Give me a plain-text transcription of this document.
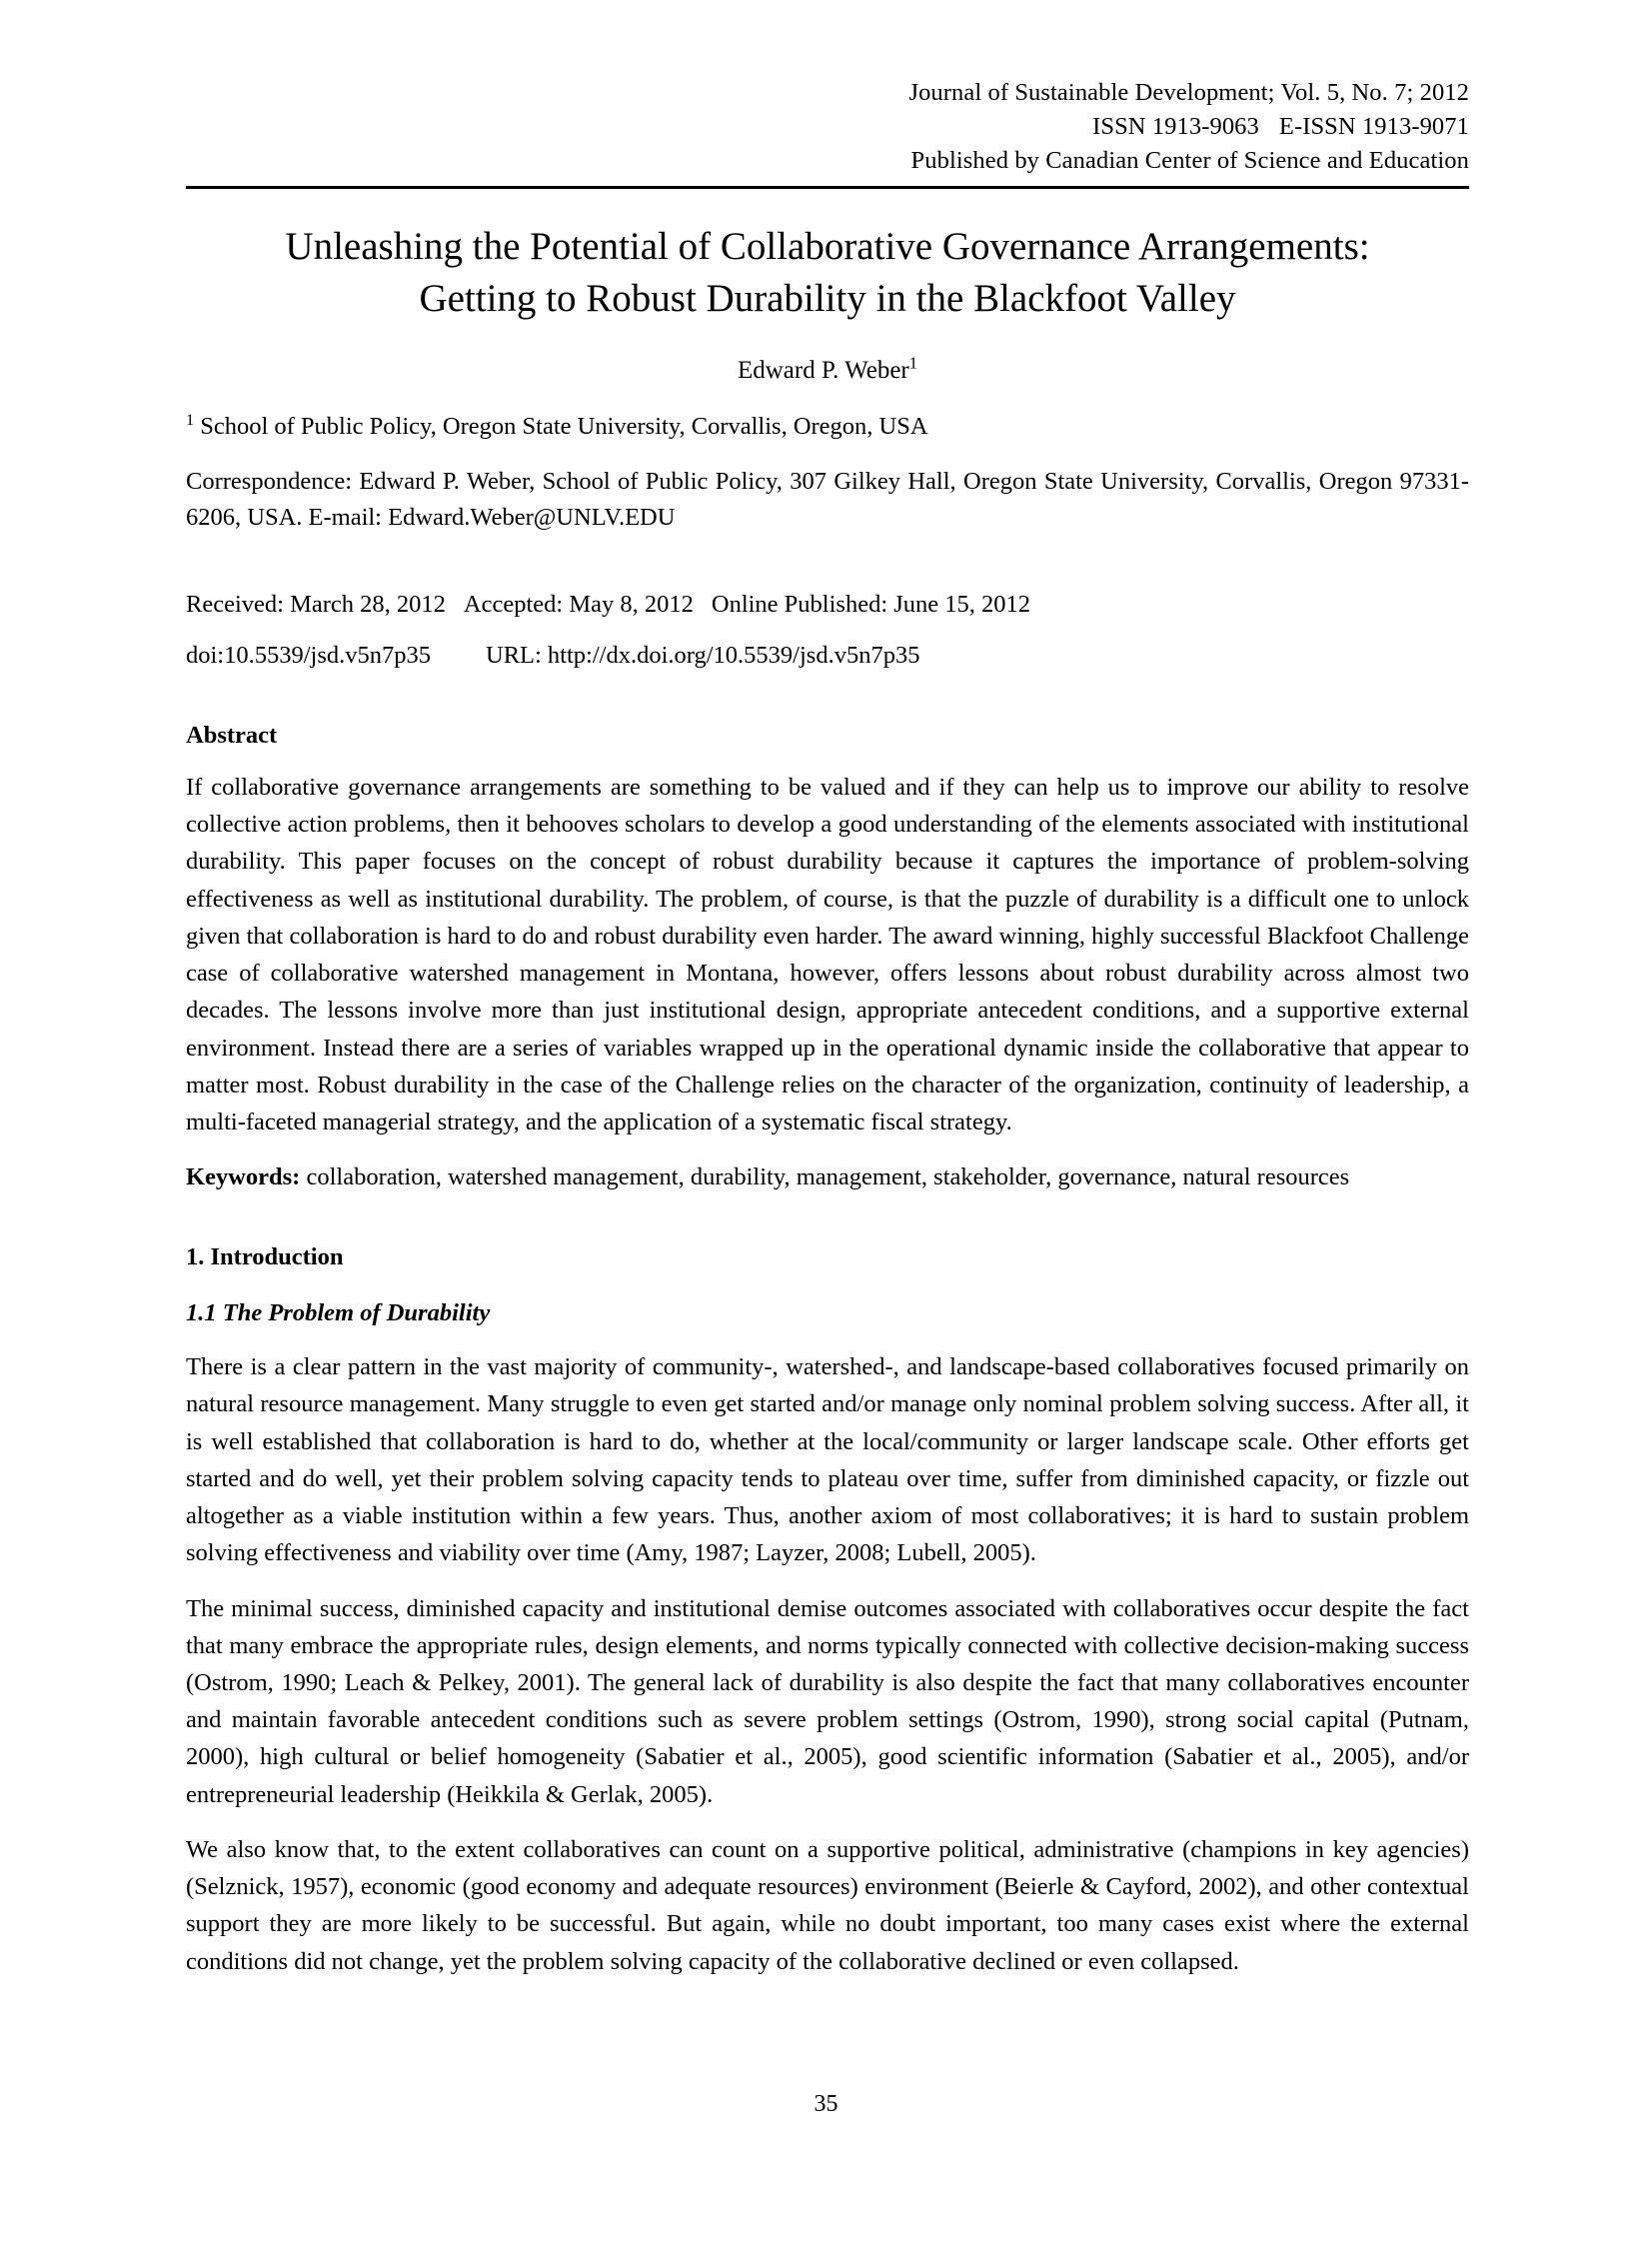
Journal of Sustainable Development; Vol. 5, No. 7; 2012
ISSN 1913-9063 E-ISSN 1913-9071
Published by Canadian Center of Science and Education
Unleashing the Potential of Collaborative Governance Arrangements:
Getting to Robust Durability in the Blackfoot Valley
Edward P. Weber$^1$
$^1$ School of Public Policy, Oregon State University, Corvallis, Oregon, USA
Correspondence: Edward P. Weber, School of Public Policy, 307 Gilkey Hall, Oregon State University, Corvallis, Oregon 97331-6206, USA. E-mail: Edward.Weber@UNLV.EDU
Received: March 28, 2012 Accepted: May 8, 2012 Online Published: June 15, 2012
doi:10.5539/jsd.v5n7p35 URL: http://dx.doi.org/10.5539/jsd.v5n7p35
Abstract

If collaborative governance arrangements are something to be valued and if they can help us to improve our ability to resolve collective action problems, then it behooves scholars to develop a good understanding of the elements associated with institutional durability. This paper focuses on the concept of robust durability because it captures the importance of problem-solving effectiveness as well as institutional durability. The problem, of course, is that the puzzle of durability is a difficult one to unlock given that collaboration is hard to do and robust durability even harder. The award winning, highly successful Blackfoot Challenge case of collaborative watershed management in Montana, however, offers lessons about robust durability across almost two decades. The lessons involve more than just institutional design, appropriate antecedent conditions, and a supportive external environment. Instead there are a series of variables wrapped up in the operational dynamic inside the collaborative that appear to matter most. Robust durability in the case of the Challenge relies on the character of the organization, continuity of leadership, a multi-faceted managerial strategy, and the application of a systematic fiscal strategy.

Keywords: collaboration, watershed management, durability, management, stakeholder, governance, natural resources

1. Introduction
1.1 The Problem of Durability

There is a clear pattern in the vast majority of community-, watershed-, and landscape-based collaboratives focused primarily on natural resource management. Many struggle to even get started and/or manage only nominal problem solving success. After all, it is well established that collaboration is hard to do, whether at the local/community or larger landscape scale. Other efforts get started and do well, yet their problem solving capacity tends to plateau over time, suffer from diminished capacity, or fizzle out altogether as a viable institution within a few years. Thus, another axiom of most collaboratives; it is hard to sustain problem solving effectiveness and viability over time (Amy, 1987; Layzer, 2008; Lubell, 2005).

The minimal success, diminished capacity and institutional demise outcomes associated with collaboratives occur despite the fact that many embrace the appropriate rules, design elements, and norms typically connected with collective decision-making success (Ostrom, 1990; Leach & Pelkey, 2001). The general lack of durability is also despite the fact that many collaboratives encounter and maintain favorable antecedent conditions such as severe problem settings (Ostrom, 1990), strong social capital (Putnam, 2000), high cultural or belief homogeneity (Sabatier et al., 2005), good scientific information (Sabatier et al., 2005), and/or entrepreneurial leadership (Heikkila & Gerlak, 2005).

We also know that, to the extent collaboratives can count on a supportive political, administrative (champions in key agencies) (Selznick, 1957), economic (good economy and adequate resources) environment (Beierle & Cayford, 2002), and other contextual support they are more likely to be successful. But again, while no doubt important, too many cases exist where the external conditions did not change, yet the problem solving capacity of the collaborative declined or even collapsed.

35
